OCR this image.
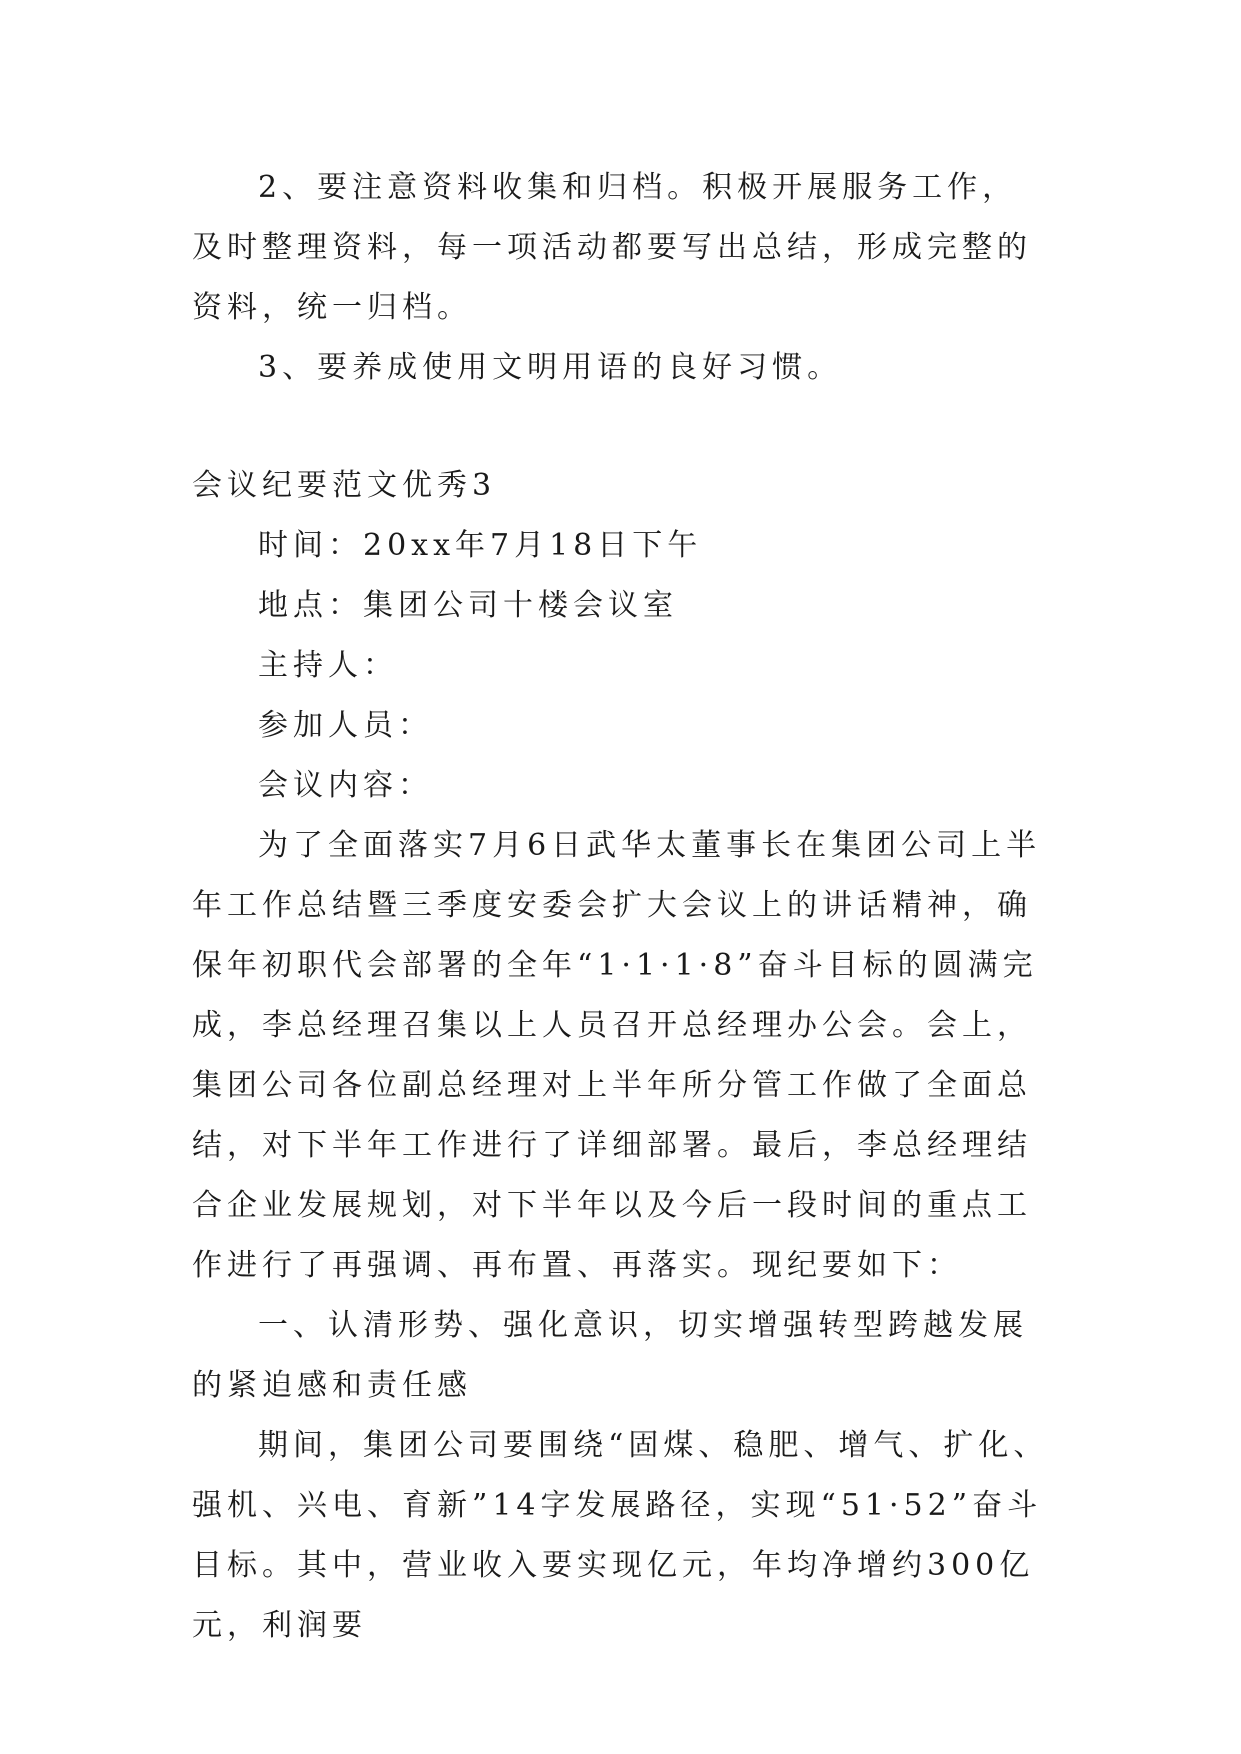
2、要注意资料收集和归档。积极开展服务工作，及时整理资料，每一项活动都要写出总结，形成完整的资料，统一归档。

3、要养成使用文明用语的良好习惯。

会议纪要范文优秀3

时间：20xx年7月18日下午

地点：集团公司十楼会议室

主持人：

参加人员：

会议内容：

为了全面落实7月6日武华太董事长在集团公司上半年工作总结暨三季度安委会扩大会议上的讲话精神，确保年初职代会部署的全年“1·1·1·8”奋斗目标的圆满完成，李总经理召集以上人员召开总经理办公会。会上，集团公司各位副总经理对上半年所分管工作做了全面总结，对下半年工作进行了详细部署。最后，李总经理结合企业发展规划，对下半年以及今后一段时间的重点工作进行了再强调、再布置、再落实。现纪要如下：

一、认清形势、强化意识，切实增强转型跨越发展的紧迫感和责任感

期间，集团公司要围绕“固煤、稳肥、增气、扩化、强机、兴电、育新”14字发展路径，实现“51·52”奋斗目标。其中，营业收入要实现亿元，年均净增约300亿元，利润要
